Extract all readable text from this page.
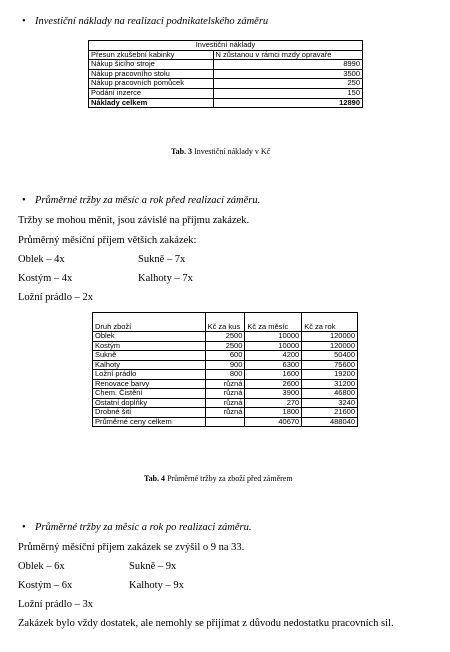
• Investiční náklady na realizaci podnikatelského záměru
Investiční náklady	
Přesun zkušební kabinky	N zůstanou v rámci mzdy opravaře
Nákup šicího stroje	8990
Nákup pracovního stolu	3500
Nákup pracovních pomůcek	250
Podání inzerce	150
Náklady celkem	12890
Tab. 3 Investiční náklady v Kč
• Průměrné tržby za měsíc a rok před realizací záměru.
Tržby se mohou měnit, jsou závislé na příjmu zakázek.
Průměrný měsíční příjem větších zakázek:
Oblek – 4x	Sukně – 7x
Kostým – 4x	Kalhoty – 7x
Ložní prádlo – 2x
Druh zboží	Kč za kus	Kč za měsíc	Kč za rok
Oblek	2500	10000	120000
Kostým	2500	10000	120000
Sukně	600	4200	50400
Kalhoty	900	6300	75600
Ložní prádlo	800	1600	19200
Renovace barvy	různá	2600	31200
Chem. Čistění	různá	3900	46800
Ostatní doplňky	různá	270	3240
Drobné šití	různá	1800	21600
Průměrné ceny celkem		40670	488040
Tab. 4 Průměrné tržby za zboží před záměrem
• Průměrné tržby za měsíc a rok po realizaci záměru.
Průměrný měsíční příjem zakázek se zvýšil o 9 na 33.
Oblek – 6x	Sukně – 9x
Kostým – 6x	Kalhoty – 9x
Ložní prádlo – 3x
Zakázek bylo vždy dostatek, ale nemohly se přijímat z důvodu nedostatku pracovních sil.
